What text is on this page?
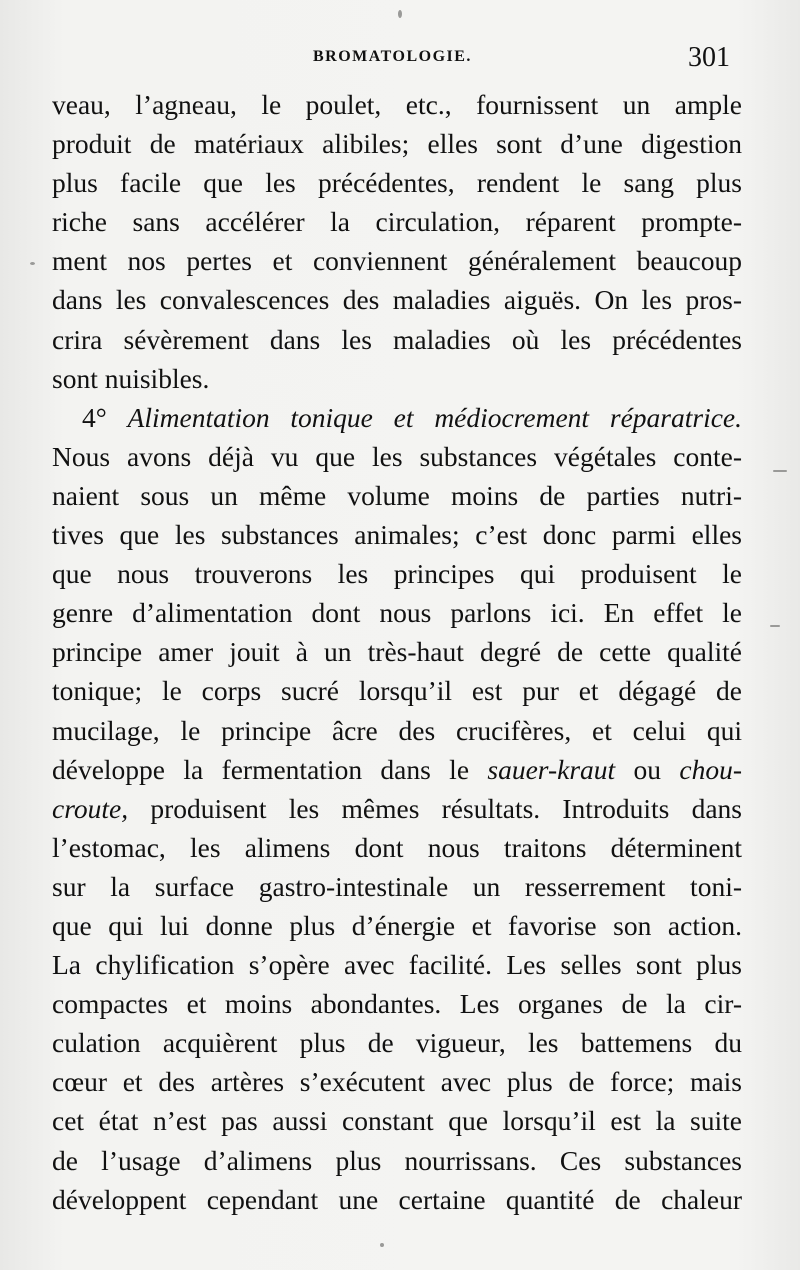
BROMATOLOGIE.	301
veau, l’agneau, le poulet, etc., fournissent un ample
produit de matériaux alibiles; elles sont d’une digestion
plus facile que les précédentes, rendent le sang plus
riche sans accélérer la circulation, réparent prompte-
ment nos pertes et conviennent généralement beaucoup
dans les convalescences des maladies aiguës. On les pros-
crira sévèrement dans les maladies où les précédentes
sont nuisibles.
4° Alimentation tonique et médiocrement réparatrice.
Nous avons déjà vu que les substances végétales conte-
naient sous un même volume moins de parties nutri-
tives que les substances animales; c’est donc parmi elles
que nous trouverons les principes qui produisent le
genre d’alimentation dont nous parlons ici. En effet le
principe amer jouit à un très-haut degré de cette qualité
tonique; le corps sucré lorsqu’il est pur et dégagé de
mucilage, le principe âcre des crucifères, et celui qui
développe la fermentation dans le sauer-kraut ou chou-
croute, produisent les mêmes résultats. Introduits dans
l’estomac, les alimens dont nous traitons déterminent
sur la surface gastro-intestinale un resserrement toni-
que qui lui donne plus d’énergie et favorise son action.
La chylification s’opère avec facilité. Les selles sont plus
compactes et moins abondantes. Les organes de la cir-
culation acquièrent plus de vigueur, les battemens du
cœur et des artères s’exécutent avec plus de force; mais
cet état n’est pas aussi constant que lorsqu’il est la suite
de l’usage d’alimens plus nourrissans. Ces substances
développent cependant une certaine quantité de chaleur
